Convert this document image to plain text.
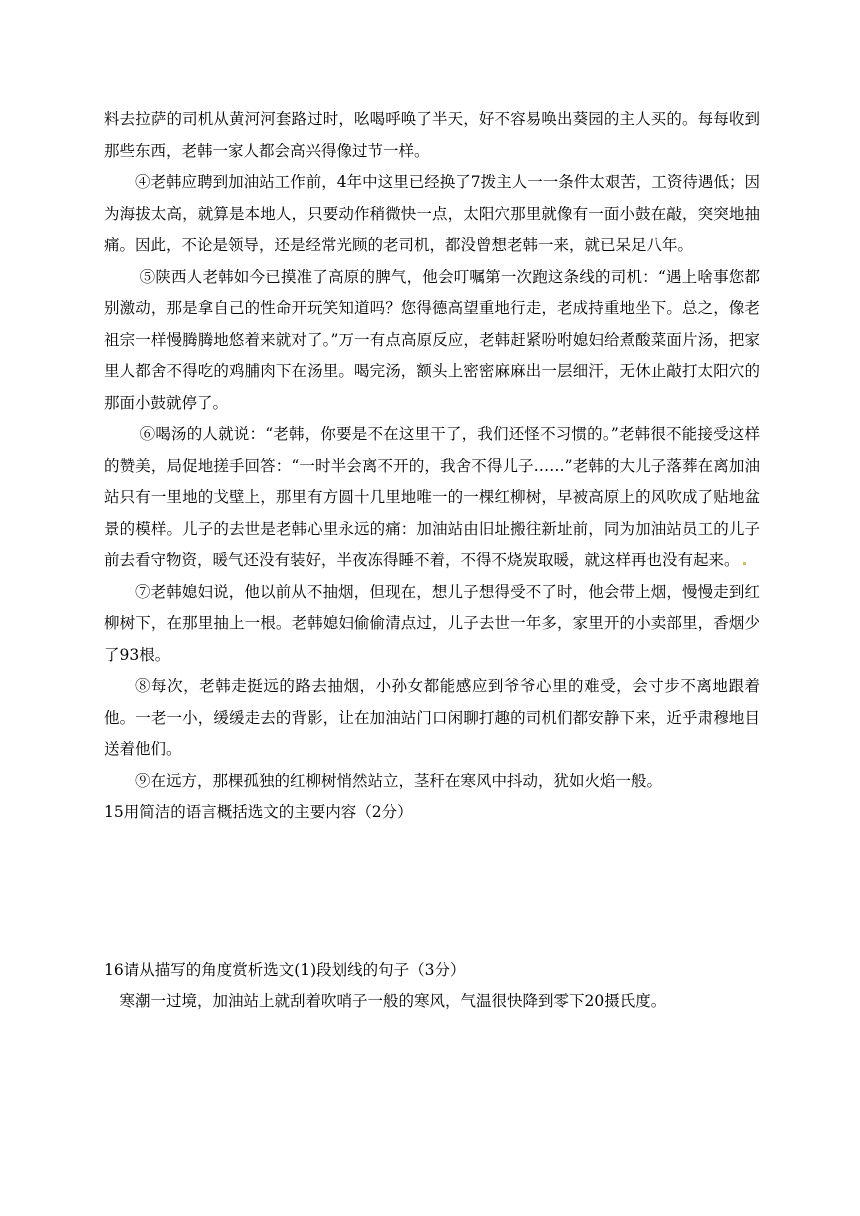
料去拉萨的司机从黄河河套路过时，吆喝呼唤了半天，好不容易唤出葵园的主人买的。每每收到那些东西，老韩一家人都会高兴得像过节一样。

④老韩应聘到加油站工作前，4年中这里已经换了7拨主人一一条件太艰苦，工资待遇低；因为海拔太高，就算是本地人，只要动作稍微快一点，太阳穴那里就像有一面小鼓在敲，突突地抽痛。因此，不论是领导，还是经常光顾的老司机，都没曾想老韩一来，就已呆足八年。

⑤陕西人老韩如今已摸准了高原的脾气，他会叮嘱第一次跑这条线的司机：“遇上啥事您都别激动，那是拿自己的性命开玩笑知道吗？您得德高望重地行走，老成持重地坐下。总之，像老祖宗一样慢腾腾地悠着来就对了。”万一有点高原反应，老韩赶紧吩咐媳妇给煮酸菜面片汤，把家里人都舍不得吃的鸡脯肉下在汤里。喝完汤，额头上密密麻麻出一层细汗，无休止敲打太阳穴的那面小鼓就停了。

⑥喝汤的人就说：“老韩，你要是不在这里干了，我们还怪不习惯的。”老韩很不能接受这样的赞美，局促地搓手回答：“一时半会离不开的，我舍不得儿子……”老韩的大儿子落葬在离加油站只有一里地的戈壁上，那里有方圆十几里地唯一的一棵红柳树，早被高原上的风吹成了贴地盆景的模样。儿子的去世是老韩心里永远的痛：加油站由旧址搬往新址前，同为加油站员工的儿子前去看守物资，暖气还没有装好，半夜冻得睡不着，不得不烧炭取暖，就这样再也没有起来。

⑦老韩媳妇说，他以前从不抽烟，但现在，想儿子想得受不了时，他会带上烟，慢慢走到红柳树下，在那里抽上一根。老韩媳妇偷偷清点过，儿子去世一年多，家里开的小卖部里，香烟少了93根。

⑧每次，老韩走挺远的路去抽烟，小孙女都能感应到爷爷心里的难受，会寸步不离地跟着他。一老一小，缓缓走去的背影，让在加油站门口闲聊打趣的司机们都安静下来，近乎肃穆地目送着他们。

⑨在远方，那棵孤独的红柳树悄然站立，茎秆在寒风中抖动，犹如火焰一般。

15用简洁的语言概括选文的主要内容（2分）

16请从描写的角度赏析选文(1)段划线的句子（3分）

寒潮一过境，加油站上就刮着吹哨子一般的寒风，气温很快降到零下20摄氏度。
